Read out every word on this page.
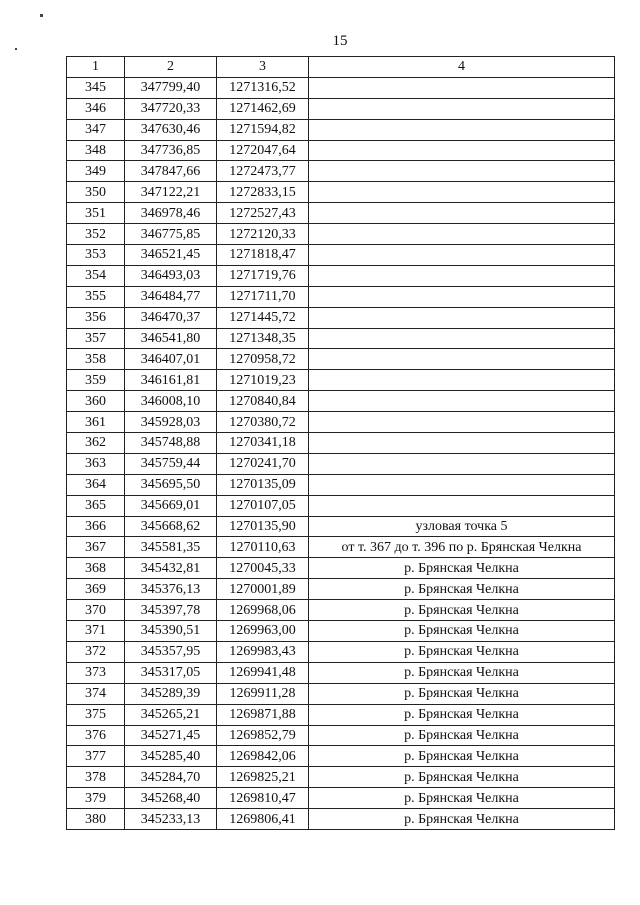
15
1	2	3	4
345	347799,40	1271316,52	
346	347720,33	1271462,69	
347	347630,46	1271594,82	
348	347736,85	1272047,64	
349	347847,66	1272473,77	
350	347122,21	1272833,15	
351	346978,46	1272527,43	
352	346775,85	1272120,33	
353	346521,45	1271818,47	
354	346493,03	1271719,76	
355	346484,77	1271711,70	
356	346470,37	1271445,72	
357	346541,80	1271348,35	
358	346407,01	1270958,72	
359	346161,81	1271019,23	
360	346008,10	1270840,84	
361	345928,03	1270380,72	
362	345748,88	1270341,18	
363	345759,44	1270241,70	
364	345695,50	1270135,09	
365	345669,01	1270107,05	
366	345668,62	1270135,90	узловая точка 5
367	345581,35	1270110,63	от т. 367 до т. 396 по р. Брянская Челкна
368	345432,81	1270045,33	р. Брянская Челкна
369	345376,13	1270001,89	р. Брянская Челкна
370	345397,78	1269968,06	р. Брянская Челкна
371	345390,51	1269963,00	р. Брянская Челкна
372	345357,95	1269983,43	р. Брянская Челкна
373	345317,05	1269941,48	р. Брянская Челкна
374	345289,39	1269911,28	р. Брянская Челкна
375	345265,21	1269871,88	р. Брянская Челкна
376	345271,45	1269852,79	р. Брянская Челкна
377	345285,40	1269842,06	р. Брянская Челкна
378	345284,70	1269825,21	р. Брянская Челкна
379	345268,40	1269810,47	р. Брянская Челкна
380	345233,13	1269806,41	р. Брянская Челкна
